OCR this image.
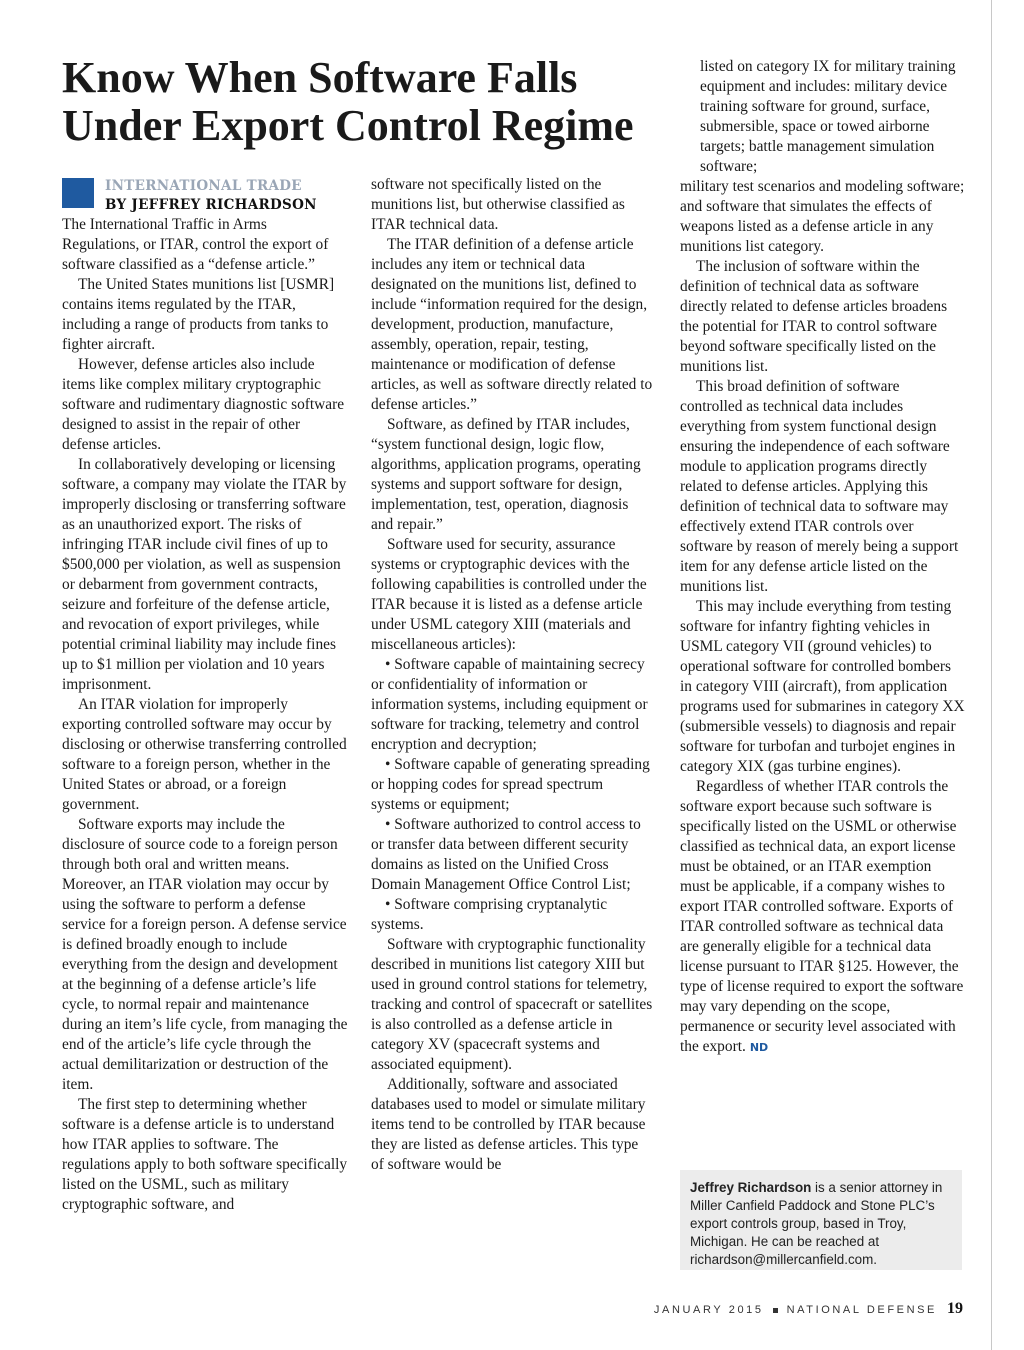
Know When Software Falls
Under Export Control Regime
INTERNATIONAL TRADE
BY JEFFREY RICHARDSON

The International Traffic in Arms Regulations, or ITAR, control the export of software classified as a “defense article.”

The United States munitions list [USMR] contains items regulated by the ITAR, including a range of products from tanks to fighter aircraft.

However, defense articles also include items like complex military cryptographic software and rudimentary diagnostic software designed to assist in the repair of other defense articles.

In collaboratively developing or licensing software, a company may violate the ITAR by improperly disclosing or transferring software as an unauthorized export. The risks of infringing ITAR include civil fines of up to $500,000 per violation, as well as suspension or debarment from government contracts, seizure and forfeiture of the defense article, and revocation of export privileges, while potential criminal liability may include fines up to $1 million per violation and 10 years imprisonment.

An ITAR violation for improperly exporting controlled software may occur by disclosing or otherwise transferring controlled software to a foreign person, whether in the United States or abroad, or a foreign government.

Software exports may include the disclosure of source code to a foreign person through both oral and written means. Moreover, an ITAR violation may occur by using the software to perform a defense service for a foreign person. A defense service is defined broadly enough to include everything from the design and development at the beginning of a defense article’s life cycle, to normal repair and maintenance during an item’s life cycle, from managing the end of the article’s life cycle through the actual demilitarization or destruction of the item.

The first step to determining whether software is a defense article is to understand how ITAR applies to software. The regulations apply to both software specifically listed on the USML, such as military cryptographic software, and

software not specifically listed on the munitions list, but otherwise classified as ITAR technical data.

The ITAR definition of a defense article includes any item or technical data designated on the munitions list, defined to include “information required for the design, development, production, manufacture, assembly, operation, repair, testing, maintenance or modification of defense articles, as well as software directly related to defense articles.”

Software, as defined by ITAR includes, “system functional design, logic flow, algorithms, application programs, operating systems and support software for design, implementation, test, operation, diagnosis and repair.”

Software used for security, assurance systems or cryptographic devices with the following capabilities is controlled under the ITAR because it is listed as a defense article under USML category XIII (materials and miscellaneous articles):

• Software capable of maintaining secrecy or confidentiality of information or information systems, including equipment or software for tracking, telemetry and control encryption and decryption;

• Software capable of generating spreading or hopping codes for spread spectrum systems or equipment;

• Software authorized to control access to or transfer data between different security domains as listed on the Unified Cross Domain Management Office Control List;

• Software comprising cryptanalytic systems.

Software with cryptographic functionality described in munitions list category XIII but used in ground control stations for telemetry, tracking and control of spacecraft or satellites is also controlled as a defense article in category XV (spacecraft systems and associated equipment).

Additionally, software and associated databases used to model or simulate military items tend to be controlled by ITAR because they are listed as defense articles. This type of software would be

listed on category IX for military training equipment and includes: military device training software for ground, surface, submersible, space or towed airborne targets; battle management simulation software;

military test scenarios and modeling software; and software that simulates the effects of weapons listed as a defense article in any munitions list category.

The inclusion of software within the definition of technical data as software directly related to defense articles broadens the potential for ITAR to control software beyond software specifically listed on the munitions list.

This broad definition of software controlled as technical data includes everything from system functional design ensuring the independence of each software module to application programs directly related to defense articles. Applying this definition of technical data to software may effectively extend ITAR controls over software by reason of merely being a support item for any defense article listed on the munitions list.

This may include everything from testing software for infantry fighting vehicles in USML category VII (ground vehicles) to operational software for controlled bombers in category VIII (aircraft), from application programs used for submarines in category XX (submersible vessels) to diagnosis and repair software for turbofan and turbojet engines in category XIX (gas turbine engines).

Regardless of whether ITAR controls the software export because such software is specifically listed on the USML or otherwise classified as technical data, an export license must be obtained, or an ITAR exemption must be applicable, if a company wishes to export ITAR controlled software. Exports of ITAR controlled software as technical data are generally eligible for a technical data license pursuant to ITAR §125. However, the type of license required to export the software may vary depending on the scope, permanence or security level associated with the export. ND

Jeffrey Richardson is a senior attorney in Miller Canfield Paddock and Stone PLC’s export controls group, based in Troy, Michigan. He can be reached at richardson@millercanfield.com.
JANUARY 2015 NATIONAL DEFENSE 19
